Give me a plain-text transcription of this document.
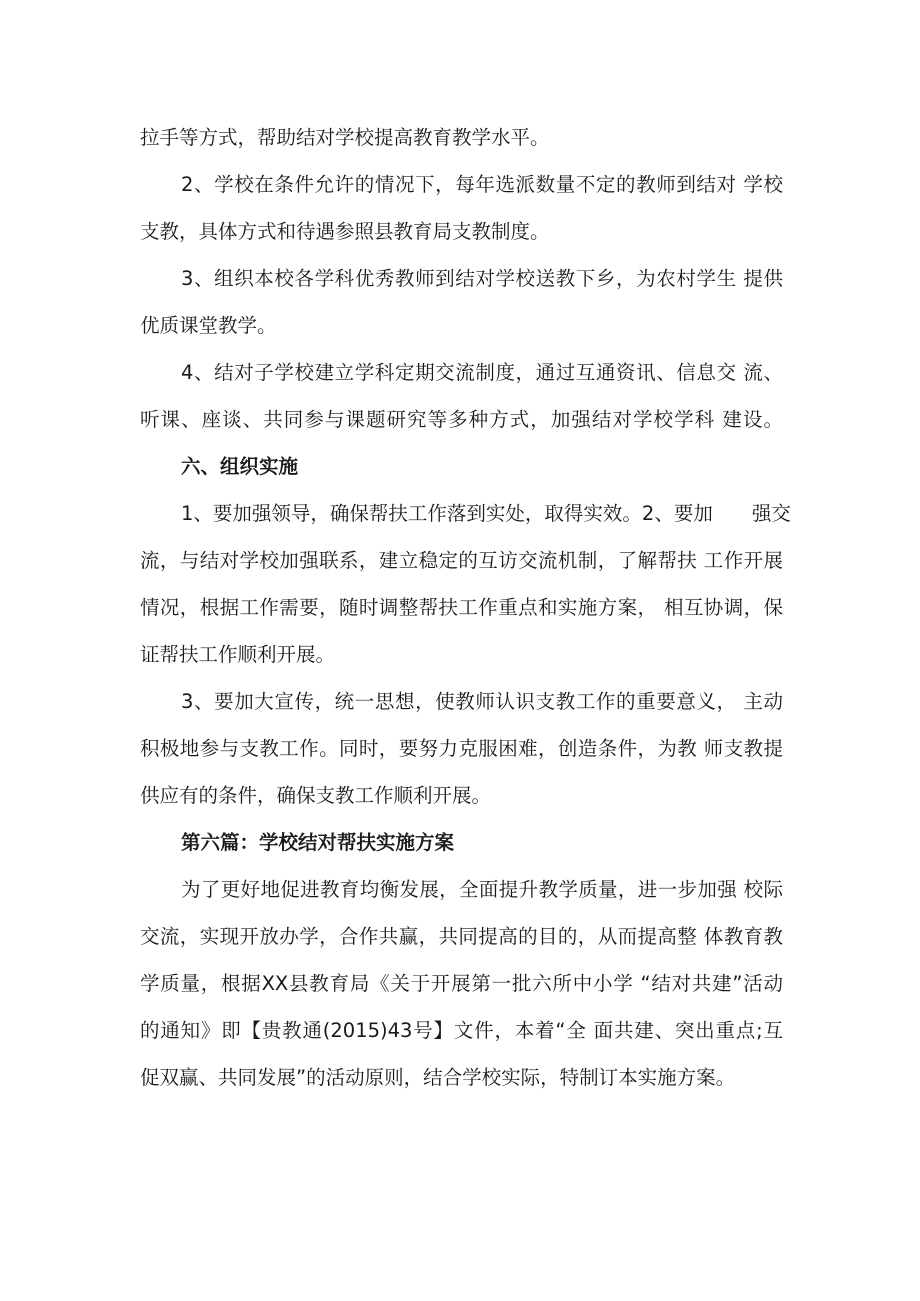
拉手等方式，帮助结对学校提高教育教学水平。
2、学校在条件允许的情况下，每年选派数量不定的教师到结对 学校
支教，具体方式和待遇参照县教育局支教制度。
3、组织本校各学科优秀教师到结对学校送教下乡，为农村学生 提供
优质课堂教学。
4、结对子学校建立学科定期交流制度，通过互通资讯、信息交 流、
听课、座谈、共同参与课题研究等多种方式，加强结对学校学科 建设。
六、组织实施
1、要加强领导，确保帮扶工作落到实处，取得实效。2、要加　　强交
流，与结对学校加强联系，建立稳定的互访交流机制，了解帮扶 工作开展
情况，根据工作需要，随时调整帮扶工作重点和实施方案， 相互协调，保
证帮扶工作顺利开展。
3、要加大宣传，统一思想，使教师认识支教工作的重要意义， 主动
积极地参与支教工作。同时，要努力克服困难，创造条件，为教 师支教提
供应有的条件，确保支教工作顺利开展。
第六篇：学校结对帮扶实施方案
为了更好地促进教育均衡发展，全面提升教学质量，进一步加强 校际
交流，实现开放办学，合作共赢，共同提高的目的，从而提高整 体教育教
学质量，根据XX县教育局《关于开展第一批六所中小学 “结对共建”活动
的通知》即【贵教通(2015)43号】文件，本着“全 面共建、突出重点;互
促双赢、共同发展”的活动原则，结合学校实际，特制订本实施方案。
